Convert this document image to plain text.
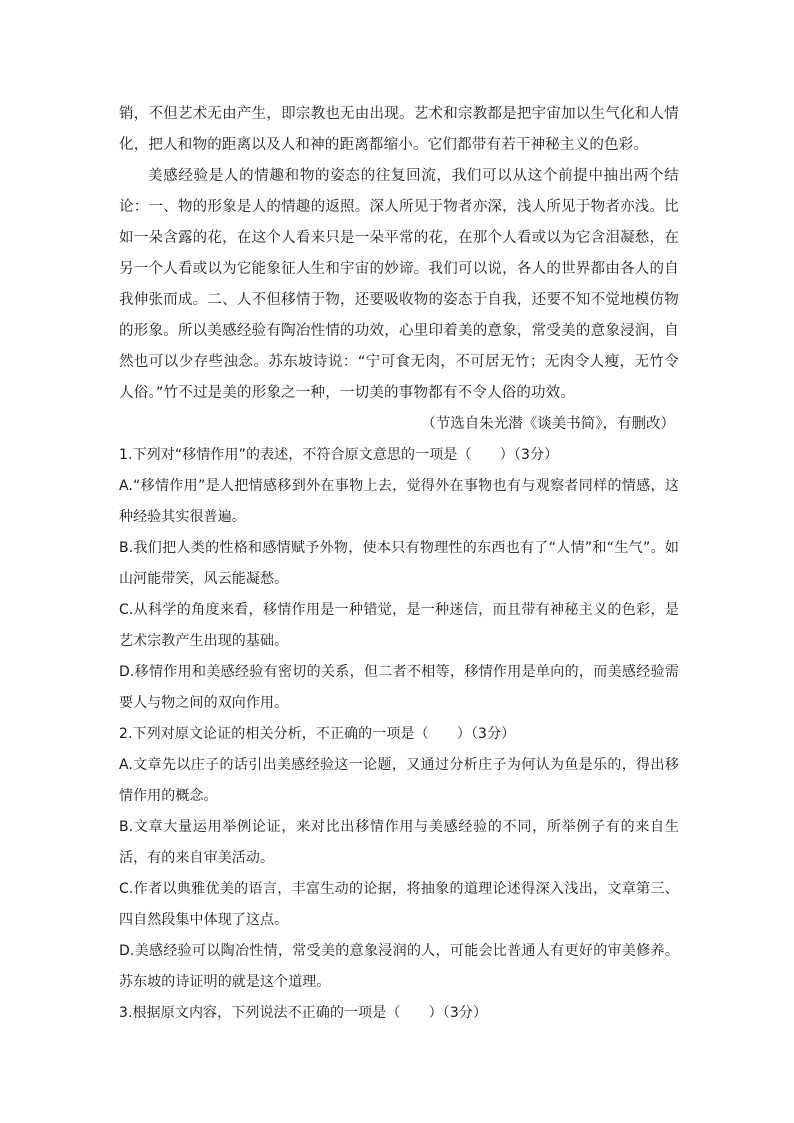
销，不但艺术无由产生，即宗教也无由出现。艺术和宗教都是把宇宙加以生气化和人情化，把人和物的距离以及人和神的距离都缩小。它们都带有若干神秘主义的色彩。

美感经验是人的情趣和物的姿态的往复回流，我们可以从这个前提中抽出两个结论：一、物的形象是人的情趣的返照。深人所见于物者亦深，浅人所见于物者亦浅。比如一朵含露的花，在这个人看来只是一朵平常的花，在那个人看或以为它含泪凝愁，在另一个人看或以为它能象征人生和宇宙的妙谛。我们可以说，各人的世界都由各人的自我伸张而成。二、人不但移情于物，还要吸收物的姿态于自我，还要不知不觉地模仿物的形象。所以美感经验有陶冶性情的功效，心里印着美的意象，常受美的意象浸润，自然也可以少存些浊念。苏东坡诗说：“宁可食无肉，不可居无竹；无肉令人瘦，无竹令人俗。”竹不过是美的形象之一种，一切美的事物都有不令人俗的功效。

（节选自朱光潜《谈美书简》，有删改）

1.下列对“移情作用”的表述，不符合原文意思的一项是（　　）（3分）

A.“移情作用”是人把情感移到外在事物上去，觉得外在事物也有与观察者同样的情感，这种经验其实很普遍。

B.我们把人类的性格和感情赋予外物，使本只有物理性的东西也有了“人情”和“生气”。如山河能带笑，风云能凝愁。

C.从科学的角度来看，移情作用是一种错觉，是一种迷信，而且带有神秘主义的色彩，是艺术宗教产生出现的基础。

D.移情作用和美感经验有密切的关系，但二者不相等，移情作用是单向的，而美感经验需要人与物之间的双向作用。

2.下列对原文论证的相关分析，不正确的一项是（　　）（3分）

A.文章先以庄子的话引出美感经验这一论题，又通过分析庄子为何认为鱼是乐的，得出移情作用的概念。

B.文章大量运用举例论证，来对比出移情作用与美感经验的不同，所举例子有的来自生活，有的来自审美活动。

C.作者以典雅优美的语言，丰富生动的论据，将抽象的道理论述得深入浅出，文章第三、四自然段集中体现了这点。

D.美感经验可以陶冶性情，常受美的意象浸润的人，可能会比普通人有更好的审美修养。苏东坡的诗证明的就是这个道理。

3.根据原文内容，下列说法不正确的一项是（　　）（3分）
